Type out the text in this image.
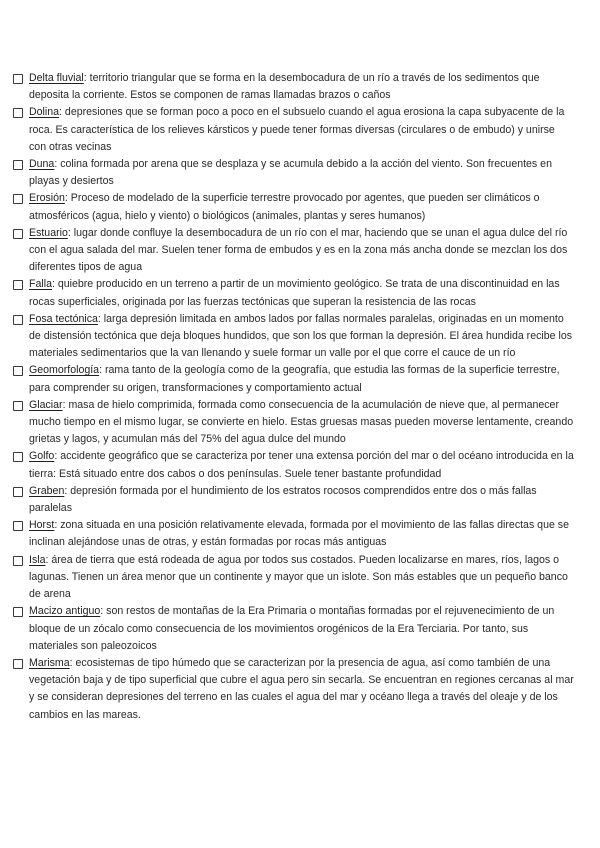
Delta fluvial: territorio triangular que se forma en la desembocadura de un río a través de los sedimentos que deposita la corriente. Estos se componen de ramas llamadas brazos o caños
Dolina: depresiones que se forman poco a poco en el subsuelo cuando el agua erosiona la capa subyacente de la roca. Es característica de los relieves kársticos y puede tener formas diversas (circulares o de embudo) y unirse con otras vecinas
Duna: colina formada por arena que se desplaza y se acumula debido a la acción del viento. Son frecuentes en playas y desiertos
Erosión: Proceso de modelado de la superficie terrestre provocado por agentes, que pueden ser climáticos o atmosféricos (agua, hielo y viento) o biológicos (animales, plantas y seres humanos)
Estuario: lugar donde confluye la desembocadura de un río con el mar, haciendo que se unan el agua dulce del río con el agua salada del mar. Suelen tener forma de embudos y es en la zona más ancha donde se mezclan los dos diferentes tipos de agua
Falla: quiebre producido en un terreno a partir de un movimiento geológico. Se trata de una discontinuidad en las rocas superficiales, originada por las fuerzas tectónicas que superan la resistencia de las rocas
Fosa tectónica: larga depresión limitada en ambos lados por fallas normales paralelas, originadas en un momento de distensión tectónica que deja bloques hundidos, que son los que forman la depresión. El área hundida recibe los materiales sedimentarios que la van llenando y suele formar un valle por el que corre el cauce de un río
Geomorfología: rama tanto de la geología como de la geografía, que estudia las formas de la superficie terrestre, para comprender su origen, transformaciones y comportamiento actual
Glaciar: masa de hielo comprimida, formada como consecuencia de la acumulación de nieve que, al permanecer mucho tiempo en el mismo lugar, se convierte en hielo. Estas gruesas masas pueden moverse lentamente, creando grietas y lagos, y acumulan más del 75% del agua dulce del mundo
Golfo: accidente geográfico que se caracteriza por tener una extensa porción del mar o del océano introducida en la tierra: Está situado entre dos cabos o dos penínsulas. Suele tener bastante profundidad
Graben: depresión formada por el hundimiento de los estratos rocosos comprendidos entre dos o más fallas paralelas
Horst: zona situada en una posición relativamente elevada, formada por el movimiento de las fallas directas que se inclinan alejándose unas de otras, y están formadas por rocas más antiguas
Isla: área de tierra que está rodeada de agua por todos sus costados. Pueden localizarse en mares, ríos, lagos o lagunas. Tienen un área menor que un continente y mayor que un islote. Son más estables que un pequeño banco de arena
Macizo antiguo: son restos de montañas de la Era Primaria o montañas formadas por el rejuvenecimiento de un bloque de un zócalo como consecuencia de los movimientos orogénicos de la Era Terciaria. Por tanto, sus materiales son paleozoicos
Marisma: ecosistemas de tipo húmedo que se caracterizan por la presencia de agua, así como también de una vegetación baja y de tipo superficial que cubre el agua pero sin secarla. Se encuentran en regiones cercanas al mar y se consideran depresiones del terreno en las cuales el agua del mar y océano llega a través del oleaje y de los cambios en las mareas.
